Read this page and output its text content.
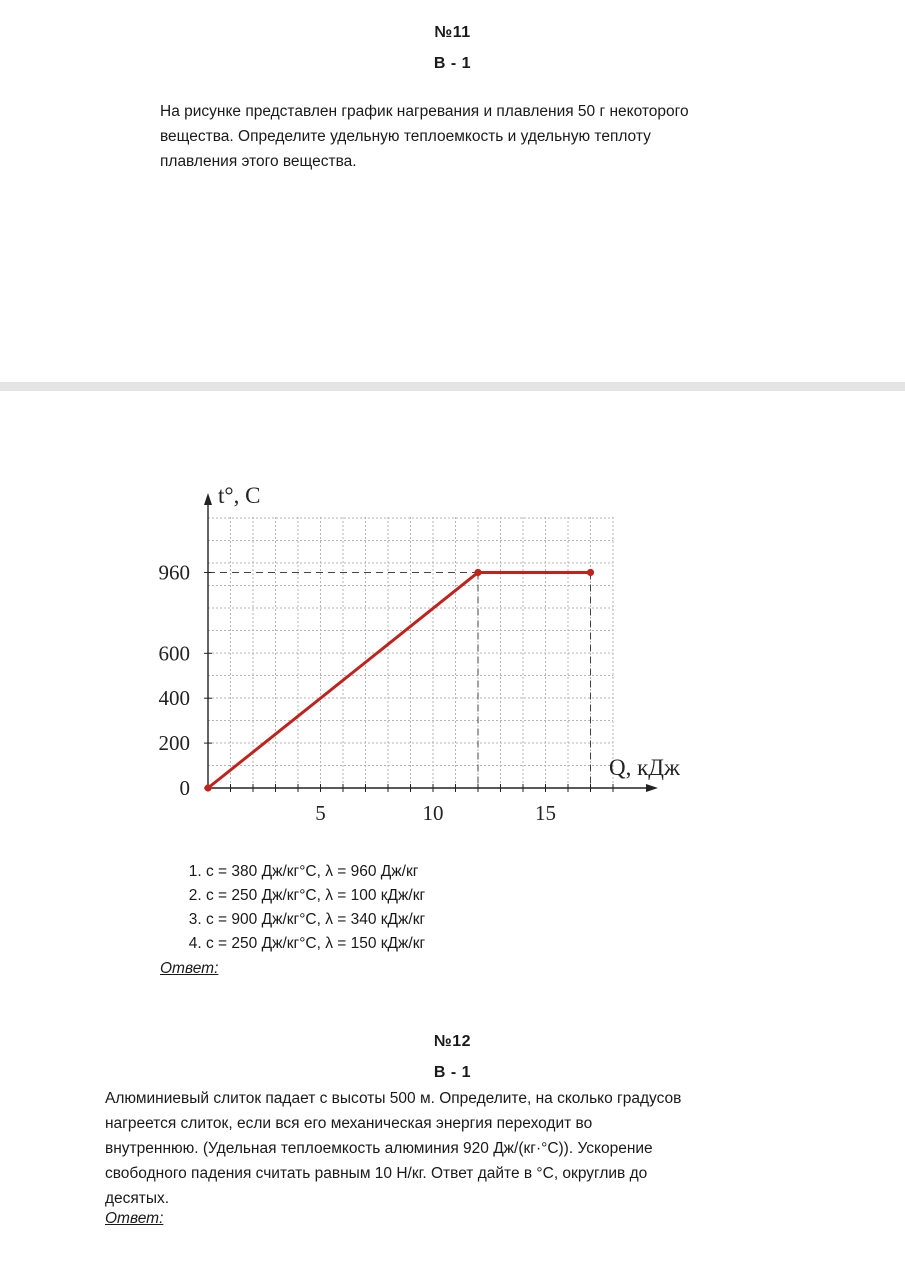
№11
В - 1
На рисунке представлен график нагревания и плавления 50 г некоторого
вещества. Определите удельную теплоемкость и удельную теплоту
плавления этого вещества.
5	10	15
0
200
400
600
960
t°, C
Q, кДж
1. c = 380 Дж/кг°C, λ = 960 Дж/кг
2. c = 250 Дж/кг°C, λ = 100 кДж/кг
3. c = 900 Дж/кг°C, λ = 340 кДж/кг
4. c = 250 Дж/кг°C, λ = 150 кДж/кг
Ответ:
№12
В - 1
Алюминиевый слиток падает с высоты 500 м. Определите, на сколько градусов
нагреется слиток, если вся его механическая энергия переходит во
внутреннюю. (Удельная теплоемкость алюминия 920 Дж/(кг·°C)). Ускорение
свободного падения считать равным 10 Н/кг. Ответ дайте в °C, округлив до
десятых.
Ответ:
